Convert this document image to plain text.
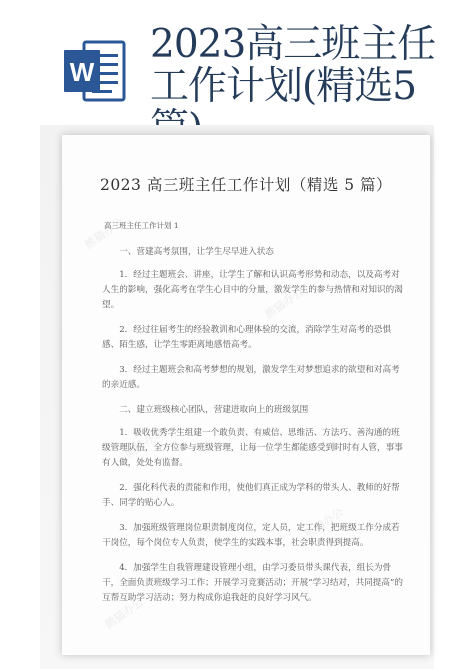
W
2023高三班主任工作计划(精选5
2023 高三班主任工作计划（精选 5 篇）
高三班主任工作计划 1

一、营建高考氛围，让学生尽早进入状态

1．经过主题班会、讲座，让学生了解和认识高考形势和动态，以及高考对人生的影响，强化高考在学生心目中的分量，激发学生的参与热情和对知识的渴望。

2．经过往届考生的经验教训和心理体验的交流，消除学生对高考的恐惧感、陌生感，让学生零距离地感悟高考。

3．经过主题班会和高考梦想的规划，激发学生对梦想追求的欲望和对高考的亲近感。

二、建立班级核心团队，营建进取向上的班级氛围

1．吸收优秀学生组建一个敢负责、有威信、思维活、方法巧、善沟通的班级管理队伍，全方位参与班级管理，让每一位学生都能感受到时时有人管，事事有人做，处处有监督。

2．强化科代表的责能和作用，使他们真正成为学科的带头人、教师的好帮手、同学的贴心人。

3．加强班级管理岗位职责制度岗位，定人员，定工作，把班级工作分成若干岗位，每个岗位专人负责，使学生的实践本事，社会职责得到提高。

4．加强学生自我管理建设管理小组，由学习委员带头课代表，组长为骨干，全面负责班级学习工作；开展学习竞赛活动；开展“学习结对，共同提高”的互帮互助学习活动；努力构成你追我赶的良好学习风气。

熊猫办公
熊猫办公
熊猫办公
熊猫办公
熊猫办公
